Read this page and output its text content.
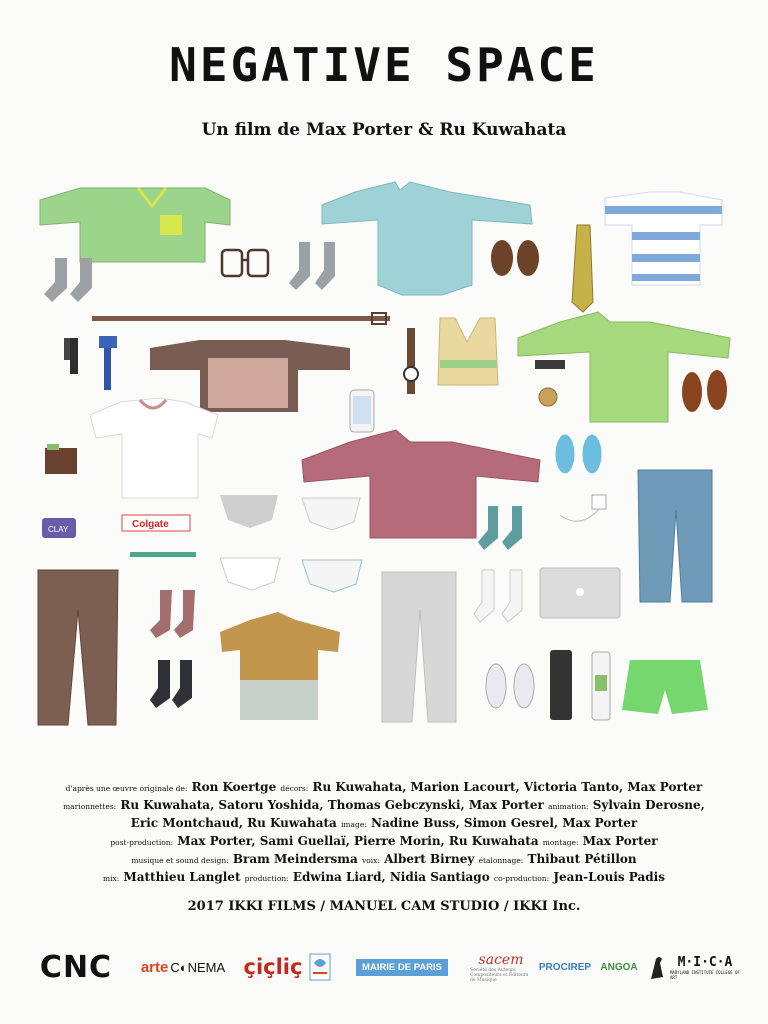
NEGATIVE SPACE
Un film de Max Porter & Ru Kuwahata
Colgate
CLAY
d'après une œuvre originale de: Ron Koertge décors: Ru Kuwahata, Marion Lacourt, Victoria Tanto, Max Porter
marionnettes: Ru Kuwahata, Satoru Yoshida, Thomas Gebczynski, Max Porter animation: Sylvain Derosne,
Eric Montchaud, Ru Kuwahata image: Nadine Buss, Simon Gesrel, Max Porter
post-production: Max Porter, Sami Guellaï, Pierre Morin, Ru Kuwahata montage: Max Porter
musique et sound design: Bram Meindersma voix: Albert Birney étalonnage: Thibaut Pétillon
mix: Matthieu Langlet production: Edwina Liard, Nidia Santiago co-production: Jean-Louis Padis
2017 IKKI FILMS / MANUEL CAM STUDIO / IKKI Inc.
CNC	arte C◐NEMA çiçliç	MAIRIE DE PARIS	sacem
Société des Auteurs Compositeurs et Éditeurs de Musique
PROCIREP ANGOA	M·I·C·A
MARYLAND INSTITUTE COLLEGE OF ART
